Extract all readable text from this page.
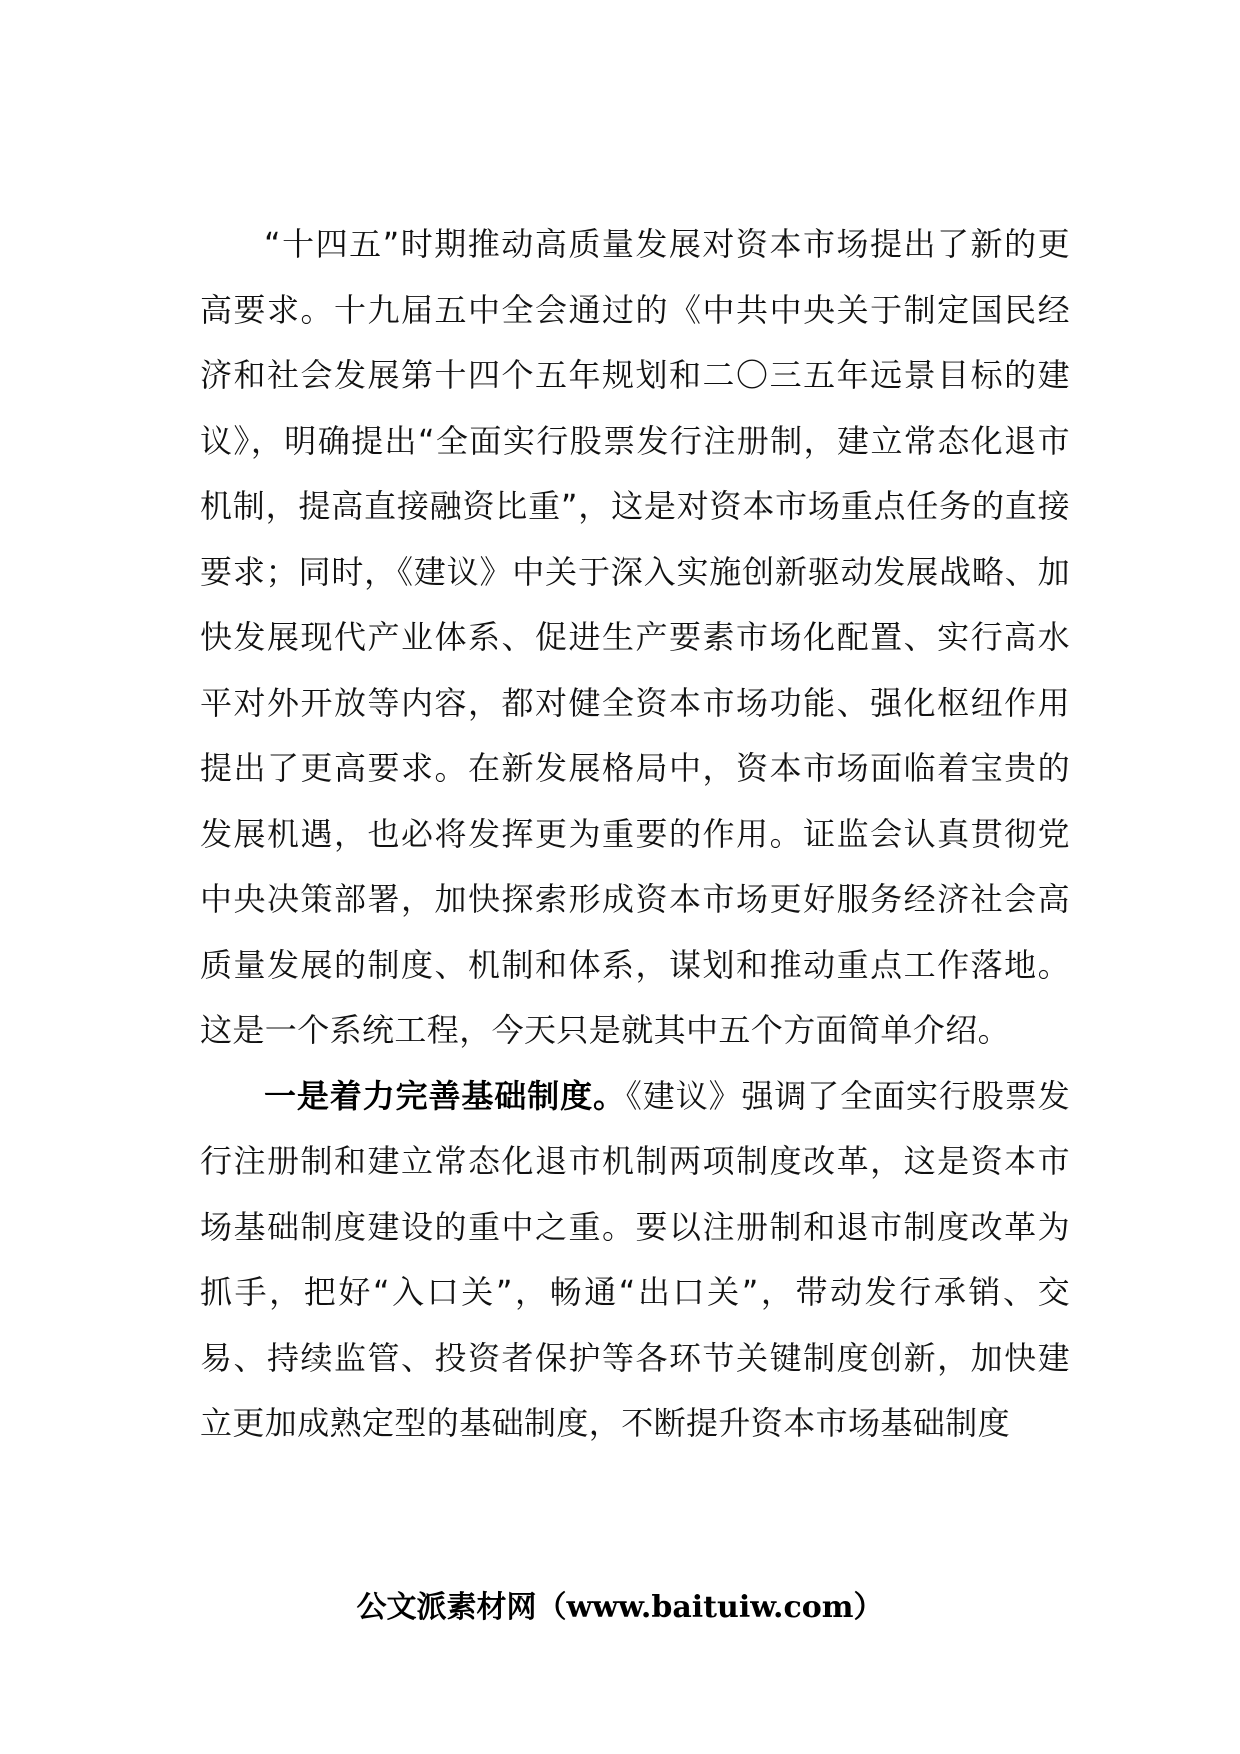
“十四五”时期推动高质量发展对资本市场提出了新的更高要求。十九届五中全会通过的《中共中央关于制定国民经济和社会发展第十四个五年规划和二〇三五年远景目标的建议》，明确提出“全面实行股票发行注册制，建立常态化退市机制，提高直接融资比重”，这是对资本市场重点任务的直接要求；同时，《建议》中关于深入实施创新驱动发展战略、加快发展现代产业体系、促进生产要素市场化配置、实行高水平对外开放等内容，都对健全资本市场功能、强化枢纽作用提出了更高要求。在新发展格局中，资本市场面临着宝贵的发展机遇，也必将发挥更为重要的作用。证监会认真贯彻党中央决策部署，加快探索形成资本市场更好服务经济社会高质量发展的制度、机制和体系，谋划和推动重点工作落地。这是一个系统工程，今天只是就其中五个方面简单介绍。

一是着力完善基础制度。《建议》强调了全面实行股票发行注册制和建立常态化退市机制两项制度改革，这是资本市场基础制度建设的重中之重。要以注册制和退市制度改革为抓手，把好“入口关”，畅通“出口关”，带动发行承销、交易、持续监管、投资者保护等各环节关键制度创新，加快建立更加成熟定型的基础制度，不断提升资本市场基础制度

公文派素材网（www.baituiw.com）
